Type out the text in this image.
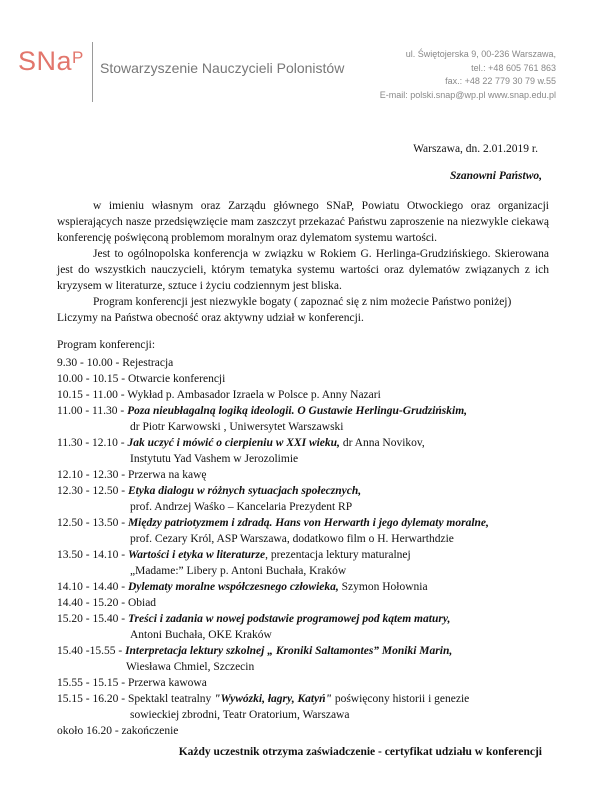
SNa$^P$
Stowarzyszenie Nauczycieli Polonistów
ul. Świętojerska 9, 00-236 Warszawa,
tel.: +48 605 761 863
fax.: +48 22 779 30 79 w.55
E-mail: polski.snap@wp.pl www.snap.edu.pl
Warszawa, dn. 2.01.2019 r.
Szanowni Państwo,
w imieniu własnym oraz Zarządu głównego SNaP, Powiatu Otwockiego oraz organizacji wspierających nasze przedsięwzięcie mam zaszczyt przekazać Państwu zaproszenie na niezwykle ciekawą konferencję poświęconą problemom moralnym oraz dylematom systemu wartości.
Jest to ogólnopolska konferencja w związku w Rokiem G. Herlinga-Grudzińskiego. Skierowana jest do wszystkich nauczycieli, którym tematyka systemu wartości oraz dylematów związanych z ich kryzysem w literaturze, sztuce i życiu codziennym jest bliska.
Program konferencji jest niezwykle bogaty ( zapoznać się z nim możecie Państwo poniżej)
Liczymy na Państwa obecność oraz aktywny udział w konferencji.
Program konferencji:
9.30 - 10.00 - Rejestracja
10.00 - 10.15 - Otwarcie konferencji
10.15 - 11.00 - Wykład p. Ambasador Izraela w Polsce p. Anny Nazari
11.00 - 11.30 - Poza nieubłagalną logiką ideologii. O Gustawie Herlingu-Grudzińskim,
dr Piotr Karwowski , Uniwersytet Warszawski
11.30 - 12.10 - Jak uczyć i mówić o cierpieniu w XXI wieku, dr Anna Novikov,
Instytutu Yad Vashem w Jerozolimie
12.10 - 12.30 - Przerwa na kawę
12.30 - 12.50 - Etyka dialogu w różnych sytuacjach społecznych,
prof. Andrzej Waśko – Kancelaria Prezydent RP
12.50 - 13.50 - Między patriotyzmem i zdradą. Hans von Herwarth i jego dylematy moralne,
prof. Cezary Król, ASP Warszawa, dodatkowo film o H. Herwarthdzie
13.50 - 14.10 - Wartości i etyka w literaturze, prezentacja lektury maturalnej
„Madame:” Libery p. Antoni Buchała, Kraków
14.10 - 14.40 - Dylematy moralne współczesnego człowieka, Szymon Hołownia
14.40 - 15.20 - Obiad
15.20 - 15.40 - Treści i zadania w nowej podstawie programowej pod kątem matury,
Antoni Buchała, OKE Kraków
15.40 -15.55 - Interpretacja lektury szkolnej „ Kroniki Saltamontes” Moniki Marin,
Wiesława Chmiel, Szczecin
15.55 - 15.15 - Przerwa kawowa
15.15 - 16.20 - Spektakl teatralny "Wywózki, łagry, Katyń" poświęcony historii i genezie
sowieckiej zbrodni, Teatr Oratorium, Warszawa
około 16.20 - zakończenie
Każdy uczestnik otrzyma zaświadczenie - certyfikat udziału w konferencji
